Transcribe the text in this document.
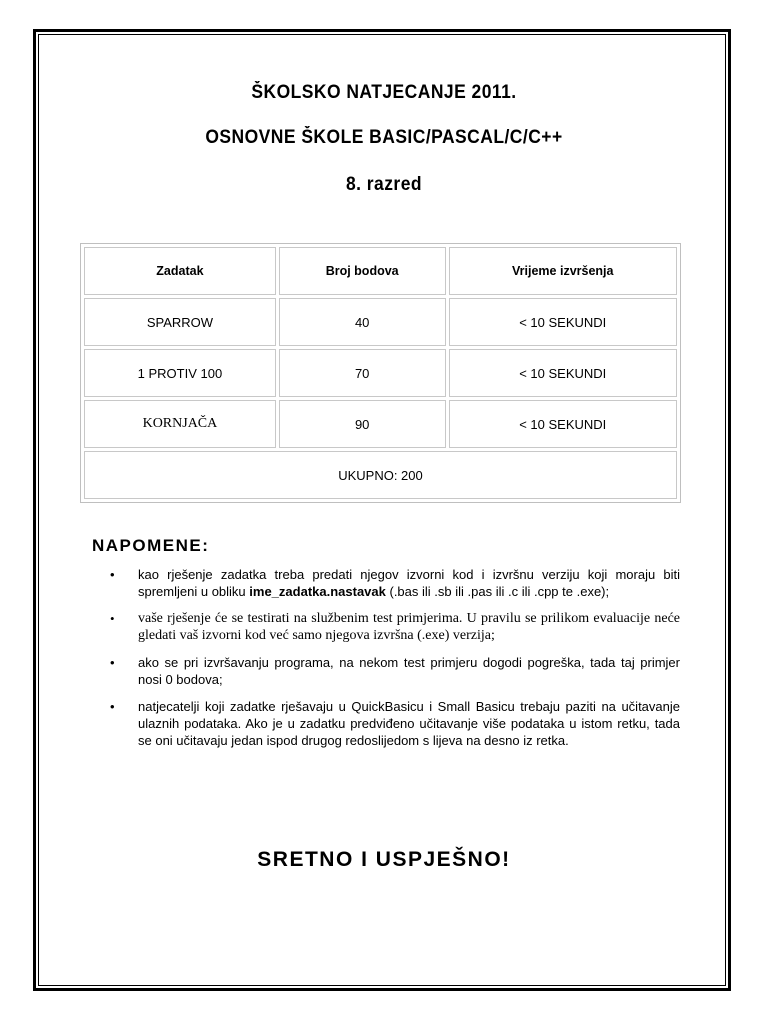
ŠKOLSKO NATJECANJE 2011.
OSNOVNE ŠKOLE BASIC/PASCAL/C/C++
8. razred
Zadatak	Broj bodova	Vrijeme izvršenja
SPARROW	40	< 10 SEKUNDI
1 PROTIV 100	70	< 10 SEKUNDI
KORNJAČA	90	< 10 SEKUNDI
UKUPNO: 200		
NAPOMENE:
• kao rješenje zadatka treba predati njegov izvorni kod i izvršnu verziju koji moraju biti spremljeni u obliku ime_zadatka.nastavak (.bas ili .sb ili .pas ili .c ili .cpp te .exe);
• vaše rješenje će se testirati na službenim test primjerima. U pravilu se prilikom evaluacije neće gledati vaš izvorni kod već samo njegova izvršna (.exe) verzija;
• ako se pri izvršavanju programa, na nekom test primjeru dogodi pogreška, tada taj primjer nosi 0 bodova;
• natjecatelji koji zadatke rješavaju u QuickBasicu i Small Basicu trebaju paziti na učitavanje ulaznih podataka. Ako je u zadatku predviđeno učitavanje više podataka u istom retku, tada se oni učitavaju jedan ispod drugog redoslijedom s lijeva na desno iz retka.
SRETNO I USPJEŠNO!
